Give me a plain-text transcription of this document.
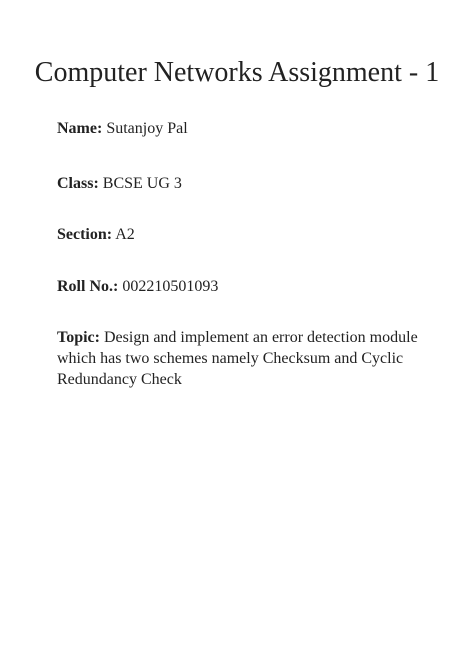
Computer Networks Assignment - 1

Name: Sutanjoy Pal

Class: BCSE UG 3

Section: A2

Roll No.: 002210501093

Topic: Design and implement an error detection module which has two schemes namely Checksum and Cyclic Redundancy Check
